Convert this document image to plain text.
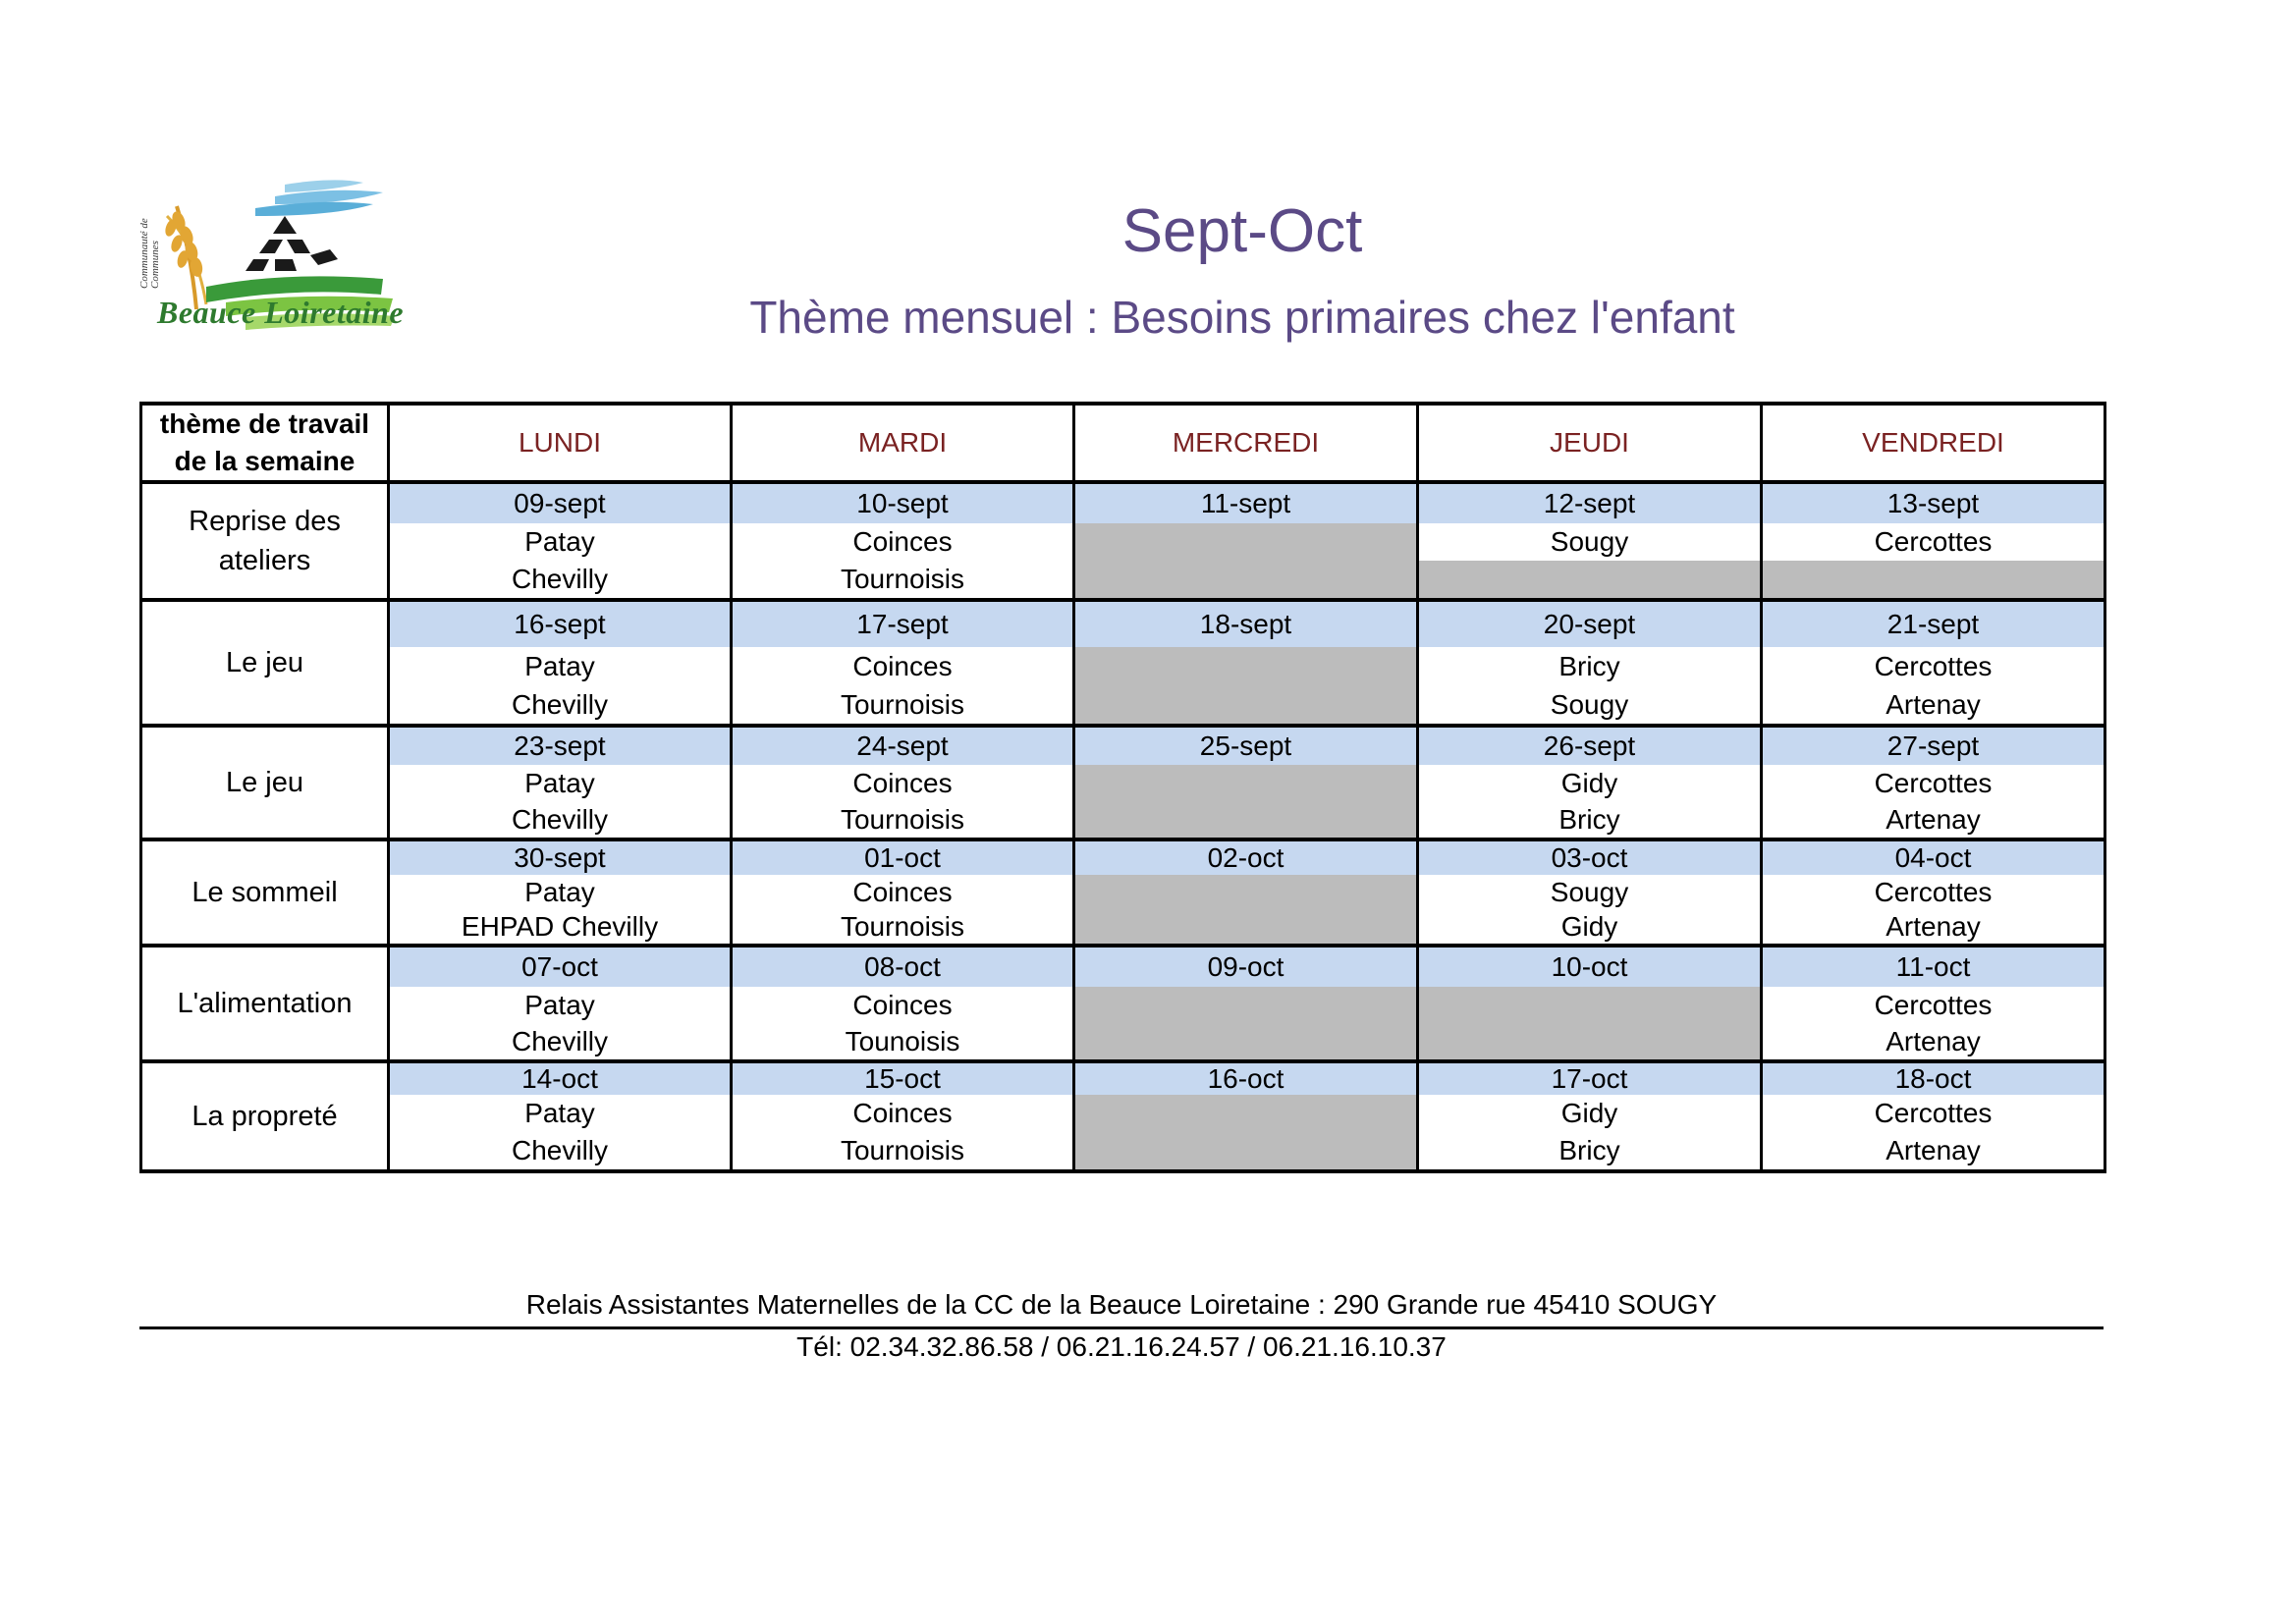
Communauté de
Communes
Beauce Loiretaine
Sept-Oct
Thème mensuel : Besoins primaires chez l'enfant
thème de travail de la semaine	LUNDI	MARDI	MERCREDI	JEUDI	VENDREDI
Reprise des ateliers	09-sept	10-sept	11-sept	12-sept	13-sept
	Patay	Coinces		Sougy	Cercottes
	Chevilly	Tournoisis			
Le jeu	16-sept	17-sept	18-sept	20-sept	21-sept
	Patay	Coinces		Bricy	Cercottes
	Chevilly	Tournoisis		Sougy	Artenay
Le jeu	23-sept	24-sept	25-sept	26-sept	27-sept
	Patay	Coinces		Gidy	Cercottes
	Chevilly	Tournoisis		Bricy	Artenay
Le sommeil	30-sept	01-oct	02-oct	03-oct	04-oct
	Patay	Coinces		Sougy	Cercottes
	EHPAD Chevilly	Tournoisis		Gidy	Artenay
L'alimentation	07-oct	08-oct	09-oct	10-oct	11-oct
	Patay	Coinces			Cercottes
	Chevilly	Tounoisis			Artenay
La propreté	14-oct	15-oct	16-oct	17-oct	18-oct
	Patay	Coinces		Gidy	Cercottes
	Chevilly	Tournoisis		Bricy	Artenay
Relais Assistantes Maternelles de la CC de la Beauce Loiretaine : 290 Grande rue 45410 SOUGY
Tél: 02.34.32.86.58 / 06.21.16.24.57 / 06.21.16.10.37
